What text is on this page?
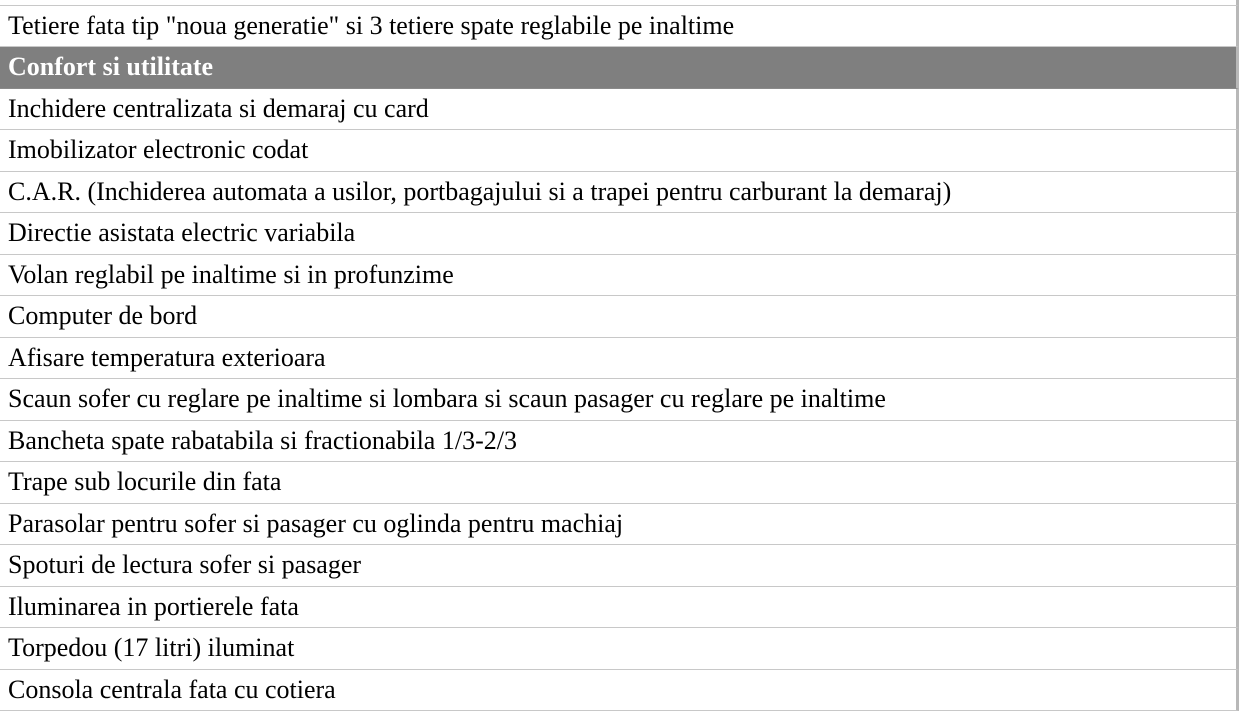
Tetiere fata tip "noua generatie" si 3 tetiere spate reglabile pe inaltime
Confort si utilitate
Inchidere centralizata si demaraj cu card
Imobilizator electronic codat
C.A.R. (Inchiderea automata a usilor, portbagajului si a trapei pentru carburant la demaraj)
Directie asistata electric variabila
Volan reglabil pe inaltime si in profunzime
Computer de bord
Afisare temperatura exterioara
Scaun sofer cu reglare pe inaltime si lombara si scaun pasager cu reglare pe inaltime
Bancheta spate rabatabila si fractionabila 1/3-2/3
Trape sub locurile din fata
Parasolar pentru sofer si pasager cu oglinda pentru machiaj
Spoturi de lectura sofer si pasager
Iluminarea in portierele fata
Torpedou (17 litri) iluminat
Consola centrala fata cu cotiera
